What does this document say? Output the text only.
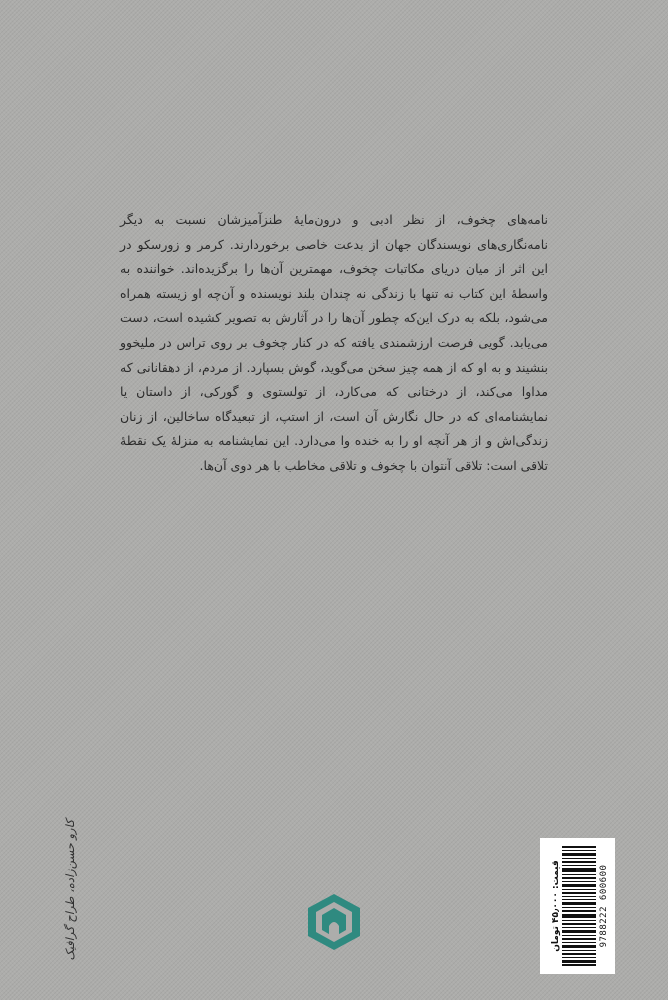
نامه‌های چخوف، از نظر ادبی و درون‌مایهٔ طنزآمیزشان نسبت به دیگر نامه‌نگاری‌های نویسندگان جهان از بدعت خاصی برخوردارند. کرمر و زورسکو در این اثر از میان دریای مکاتبات چخوف، مهمترین آن‌ها را برگزیده‌اند. خواننده به واسطهٔ این کتاب نه تنها با زندگی نه چندان بلند نویسنده و آن‌چه او زیسته همراه می‌شود، بلکه به درک این‌که چطور آن‌ها را در آثارش به تصویر کشیده است، دست می‌یابد. گویی فرصت ارزشمندی یافته که در کنار چخوف بر روی تراس در ملیخوو بنشیند و به او که از همه چیز سخن می‌گوید، گوش بسپارد. از مردم، از دهقانانی که مداوا می‌کند، از درختانی که می‌کارد، از تولستوی و گورکی، از داستان یا نمایشنامه‌ای که در حال نگارش آن است، از استپ، از تبعیدگاه ساخالین، از زنان زندگی‌اش و از هر آنچه او را به خنده وا می‌دارد. این نمایشنامه به منزلهٔ یک نقطهٔ تلاقی است: تلاقی آنتوان با چخوف و تلاقی مخاطب با هر دوی آن‌ها.

کارو حسن‌زاده، طراح گرافیک	قیمت: ۴۵٫۰۰۰ تومان	9788222 600600
